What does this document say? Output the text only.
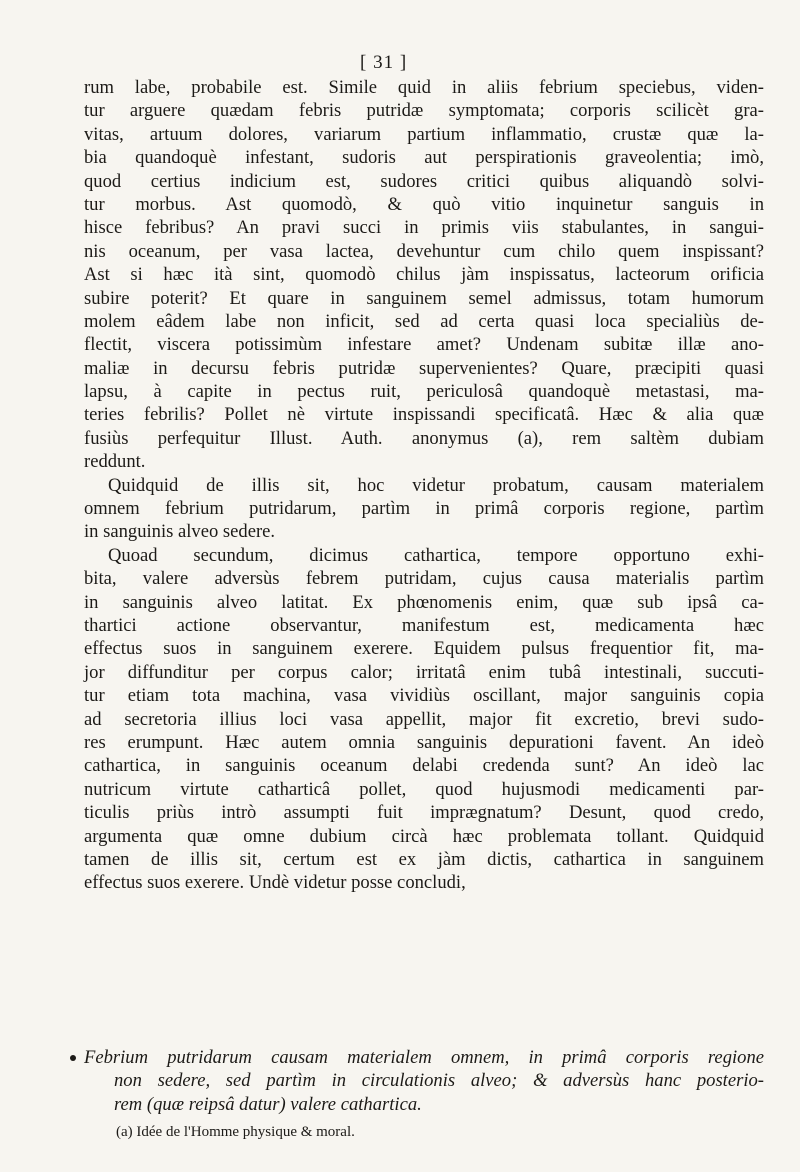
[ 31 ]
rum labe, probabile est. Simile quid in aliis febrium speciebus, viden-
tur arguere quædam febris putridæ symptomata; corporis scilicèt gra-
vitas, artuum dolores, variarum partium inflammatio, crustæ quæ la-
bia quandoquè infestant, sudoris aut perspirationis graveolentia; imò,
quod certius indicium est, sudores critici quibus aliquandò solvi-
tur morbus. Ast quomodò, & quò vitio inquinetur sanguis in
hisce febribus? An pravi succi in primis viis stabulantes, in sangui-
nis oceanum, per vasa lactea, devehuntur cum chilo quem inspissant?
Ast si hæc ità sint, quomodò chilus jàm inspissatus, lacteorum orificia
subire poterit? Et quare in sanguinem semel admissus, totam humorum
molem eâdem labe non inficit, sed ad certa quasi loca specialiùs de-
flectit, viscera potissimùm infestare amet? Undenam subitæ illæ ano-
maliæ in decursu febris putridæ supervenientes? Quare, præcipiti quasi
lapsu, à capite in pectus ruit, periculosâ quandoquè metastasi, ma-
teries febrilis? Pollet nè virtute inspissandi specificatâ. Hæc & alia quæ
fusiùs perfequitur Illust. Auth. anonymus (a), rem saltèm dubiam
reddunt.
Quidquid de illis sit, hoc videtur probatum, causam materialem
omnem febrium putridarum, partìm in primâ corporis regione, partìm
in sanguinis alveo sedere.
Quoad secundum, dicimus cathartica, tempore opportuno exhi-
bita, valere adversùs febrem putridam, cujus causa materialis partìm
in sanguinis alveo latitat. Ex phœnomenis enim, quæ sub ipsâ ca-
thartici actione observantur, manifestum est, medicamenta hæc
effectus suos in sanguinem exerere. Equidem pulsus frequentior fit, ma-
jor diffunditur per corpus calor; irritatâ enim tubâ intestinali, succuti-
tur etiam tota machina, vasa vividiùs oscillant, major sanguinis copia
ad secretoria illius loci vasa appellit, major fit excretio, brevi sudo-
res erumpunt. Hæc autem omnia sanguinis depurationi favent. An ideò
cathartica, in sanguinis oceanum delabi credenda sunt? An ideò lac
nutricum virtute catharticâ pollet, quod hujusmodi medicamenti par-
ticulis priùs intrò assumpti fuit imprægnatum? Desunt, quod credo,
argumenta quæ omne dubium circà hæc problemata tollant. Quidquid
tamen de illis sit, certum est ex jàm dictis, cathartica in sanguinem
effectus suos exerere. Undè videtur posse concludi,
Febrium putridarum causam materialem omnem, in primâ corporis regione
non sedere, sed partìm in circulationis alveo; & adversùs hanc posterio-
rem (quæ reipsâ datur) valere cathartica.
(a) Idée de l'Homme physique & moral.
